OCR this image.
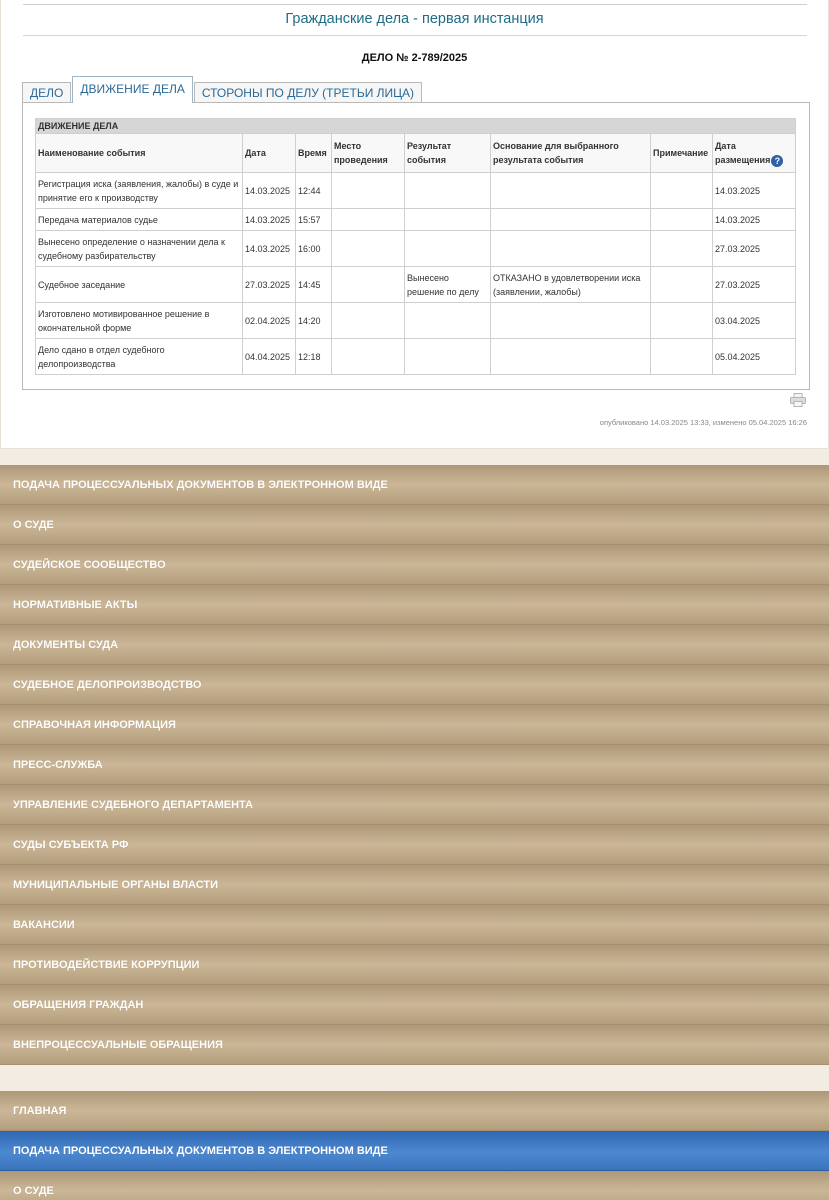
Гражданские дела - первая инстанция
ДЕЛО № 2-789/2025
ДЕЛО	ДВИЖЕНИЕ ДЕЛА	СТОРОНЫ ПО ДЕЛУ (ТРЕТЬИ ЛИЦА)
ДВИЖЕНИЕ ДЕЛА							
Наименование события	Дата	Время	Место проведения	Результат события	Основание для выбранного результата события	Примечание	Дата размещения ?
Регистрация иска (заявления, жалобы) в суде и принятие его к производству	14.03.2025	12:44					14.03.2025
Передача материалов судье	14.03.2025	15:57					14.03.2025
Вынесено определение о назначении дела к судебному разбирательству	14.03.2025	16:00					27.03.2025
Судебное заседание	27.03.2025	14:45		Вынесено решение по делу	ОТКАЗАНО в удовлетворении иска (заявлении, жалобы)		27.03.2025
Изготовлено мотивированное решение в окончательной форме	02.04.2025	14:20					03.04.2025
Дело сдано в отдел судебного делопроизводства	04.04.2025	12:18					05.04.2025
опубликовано 14.03.2025 13:33, изменено 05.04.2025 16:26
ПОДАЧА ПРОЦЕССУАЛЬНЫХ ДОКУМЕНТОВ В ЭЛЕКТРОННОМ ВИДЕ
О СУДЕ
СУДЕЙСКОЕ СООБЩЕСТВО
НОРМАТИВНЫЕ АКТЫ
ДОКУМЕНТЫ СУДА
СУДЕБНОЕ ДЕЛОПРОИЗВОДСТВО
СПРАВОЧНАЯ ИНФОРМАЦИЯ
ПРЕСС-СЛУЖБА
УПРАВЛЕНИЕ СУДЕБНОГО ДЕПАРТАМЕНТА
СУДЫ СУБЪЕКТА РФ
МУНИЦИПАЛЬНЫЕ ОРГАНЫ ВЛАСТИ
ВАКАНСИИ
ПРОТИВОДЕЙСТВИЕ КОРРУПЦИИ
ОБРАЩЕНИЯ ГРАЖДАН
ВНЕПРОЦЕССУАЛЬНЫЕ ОБРАЩЕНИЯ
ГЛАВНАЯ
ПОДАЧА ПРОЦЕССУАЛЬНЫХ ДОКУМЕНТОВ В ЭЛЕКТРОННОМ ВИДЕ
О СУДЕ
